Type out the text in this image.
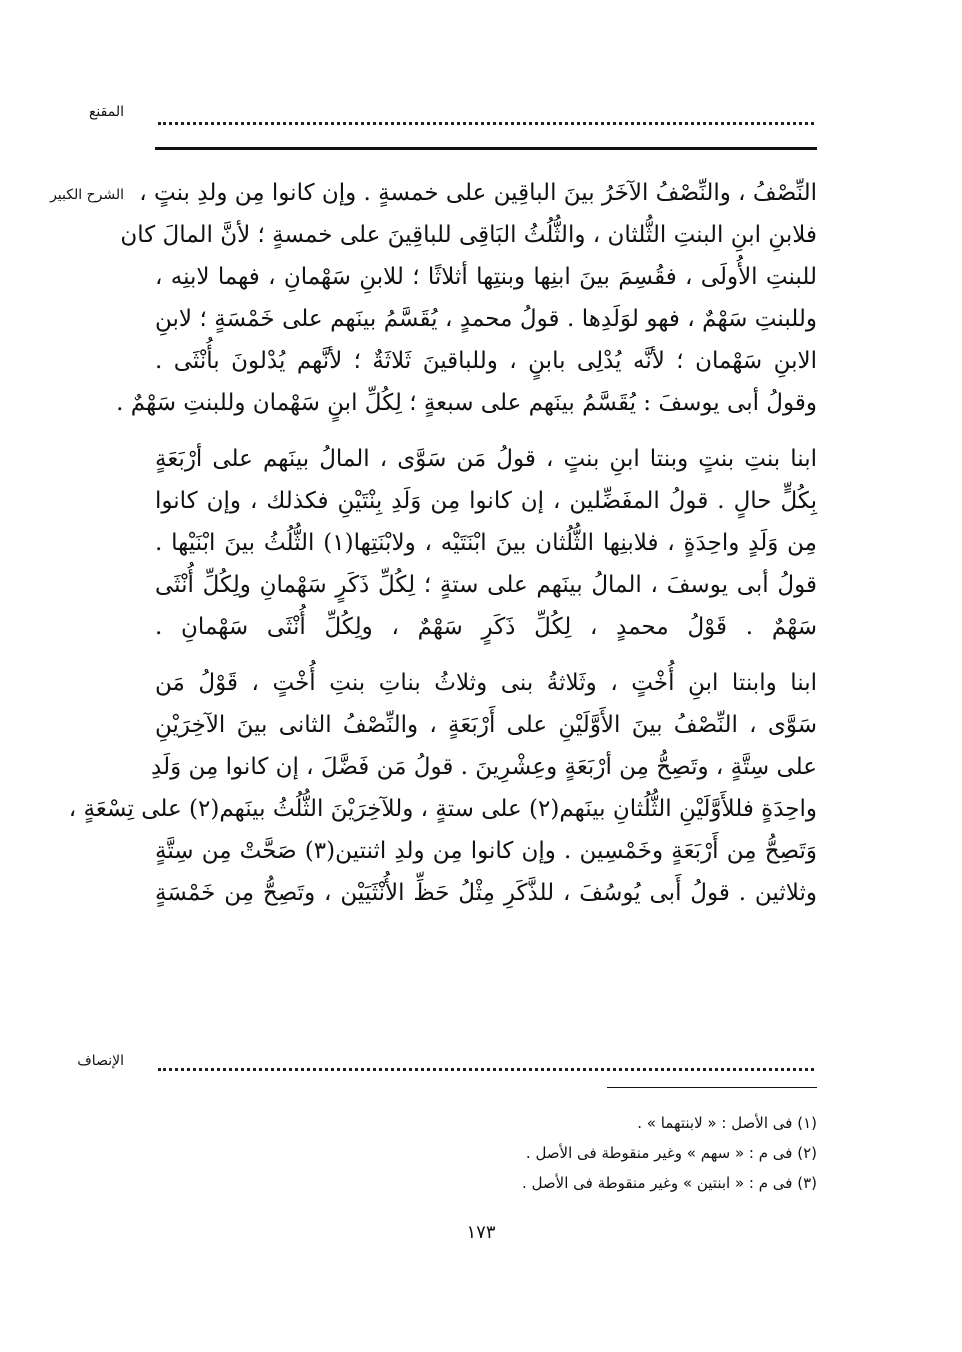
المقنع
الشرح الكبير النِّصْفُ ، والنِّصْفُ الآخَرُ بينَ الباقِين على خمسةٍ . وإن كانوا مِن ولدِ بنتٍ ،
فلابنِ ابنِ البنتِ الثُّلثان ، والثُّلُثُ البَاقِى للباقِينَ على خمسةٍ ؛ لأنَّ المالَ كان
للبنتِ الأُولَى ، فقُسِمَ بينَ ابنِها وبنتِها أثلاثًا ؛ للابنِ سَهْمانِ ، فهما لابنِه ،
وللبنتِ سَهْمٌ ، فهو لوَلَدِها . قولُ محمدٍ ، يُقَسَّمُ بينَهم على خَمْسَةٍ ؛ لابنِ
الابنِ سَهْمان ؛ لأنَّه يُدْلِى بابنٍ ، وللباقينَ ثَلاثَةٌ ؛ لأنَّهم يُدْلونَ بأُنْثَى .
وقولُ أبى يوسفَ : يُقَسَّمُ بينَهم على سبعةٍ ؛ لِكُلِّ ابنٍ سَهْمان وللبنتِ سَهْمٌ .
ابنا بنتِ بنتٍ وبنتا ابنِ بنتٍ ، قولُ مَن سَوَّى ، المالُ بينَهم على أرْبَعَةٍ
بِكُلٍّ حالٍ . قولُ المفَضِّلين ، إن كانوا مِن وَلَدِ بِنْتَيْنِ فكذلك ، وإن كانوا
مِن وَلَدٍ واحِدَةٍ ، فلابنِها الثُّلُثان بينَ ابْنَتَيْه ، ولابْنَتِها(١) الثُّلُثُ بينَ ابْنَيْها .
قولُ أبى يوسفَ ، المالُ بينَهم على ستةٍ ؛ لِكُلِّ ذَكَرٍ سَهْمانِ ولِكُلِّ أُنْثَى
سَهْمٌ . قَوْلُ محمدٍ ، لِكُلِّ ذَكَرٍ سَهْمٌ ، ولِكُلِّ أُنْثَى سَهْمانِ .
ابنا وابنتا ابنِ أُخْتٍ ، وثَلاثةُ بنى وثلاثُ بناتِ بنتِ أُخْتٍ ، قَوْلُ مَن
سَوَّى ، النِّصْفُ بينَ الأَوَّلَيْنِ على أَرْبَعَةٍ ، والنِّصْفُ الثانى بينَ الآخِرَيْنِ
على سِتَّةٍ ، وتَصِحُّ مِن أرْبَعَةٍ وعِشْرِينَ . قولُ مَن فَضَّلَ ، إن كانوا مِن وَلَدِ
واحِدَةٍ فللأَوَّلَيْنِ الثُّلُثانِ بينَهم(٢) على ستةٍ ، وللآخِرَيْنَ الثُّلُثُ بينَهم(٢) على تِسْعَةٍ ،
وَتَصِحُّ مِن أَرْبَعَةٍ وخَمْسِين . وإن كانوا مِن ولدِ اثنتين(٣) صَحَّتْ مِن سِتَّةٍ
وثلاثين . قولُ أَبى يُوسُفَ ، للذَّكَرِ مِثْلُ حَظِّ الأُنْثَيَيْن ، وتَصِحُّ مِن خَمْسَةٍ
الإنصاف
(١) فى الأصل : « لابنتهما » .
(٢) فى م : « سهم » وغير منقوطة فى الأصل .
(٣) فى م : « ابنتين » وغير منقوطة فى الأصل .
١٧٣
